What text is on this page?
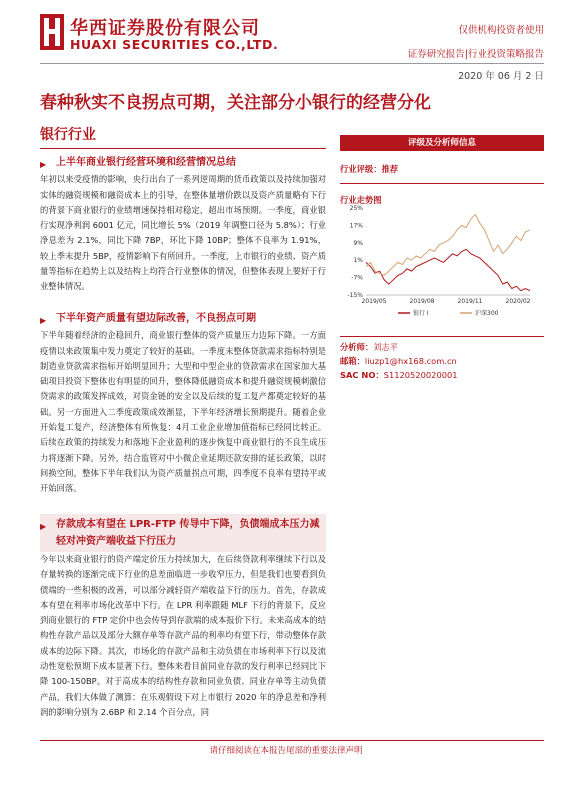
华西证券股份有限公司
HUAXI SECURITIES CO.,LTD.
仅供机构投资者使用
证券研究报告|行业投资策略报告
2020 年 06 月 2 日
春种秋实不良拐点可期，关注部分小银行的经营分化
银行行业
▶ 上半年商业银行经营环境和经营情况总结
年初以来受疫情的影响，央行出台了一系列逆周期的货币政策以及持续加强对实体的融资规模和融资成本上的引导，在整体量增价跌以及资产质量略有下行的背景下商业银行的业绩增速保持相对稳定，超出市场预期。一季度，商业银行实现净利润 6001 亿元，同比增长 5%（2019 年调整口径为 5.8%）；行业净息差为 2.1%，同比下降 7BP，环比下降 10BP；整体不良率为 1.91%，较上季末提升 5BP，疫情影响下有所回升。一季度，上市银行的业绩、资产质量等指标在趋势上以及结构上均符合行业整体的情况，但整体表现上要好于行业整体情况。
▶ 下半年资产质量有望边际改善，不良拐点可期
下半年随着经济的企稳回升，商业银行整体的资产质量压力边际下降。一方面疫情以来政策集中发力奠定了较好的基础。一季度末整体贷款需求指标特别是制造业贷款需求指标开始明显回升；大型和中型企业的贷款需求在国家加大基础项目投资下整体也有明显的回升，整体降低融资成本和提升融资规模刺激信贷需求的政策发挥成效，对资金链的安全以及后续的复工复产都奠定较好的基础。另一方面进入二季度政策成效渐显，下半年经济增长预期提升。随着企业开始复工复产，经济整体有所恢复：4月工业企业增加值指标已经同比转正。后续在政策的持续发力和落地下企业盈利的逐步恢复中商业银行的不良生成压力将逐渐下降。另外，结合监管对中小微企业延期还款安排的延长政策，以时间换空间，整体下半年我们认为资产质量拐点可期，四季度不良率有望持平或开始回落。
▶ 存款成本有望在 LPR-FTP 传导中下降，负债端成本压力减轻对冲资产端收益下行压力
今年以来商业银行的资产端定价压力持续加大，在后续贷款利率继续下行以及存量转换的逐渐完成下行业的息差面临进一步收窄压力，但是我们也要看到负债端的一些积极的改善，可以部分减轻资产端收益下行的压力。首先，存款成本有望在利率市场化改革中下行。在 LPR 利率跟随 MLF 下行的背景下，反应到商业银行的 FTP 定价中也会传导到存款端的成本报价下行。未来高成本的结构性存款产品以及部分大额存单等存款产品的利率均有望下行，带动整体存款成本的边际下降。其次，市场化的存款产品和主动负债在市场利率下行以及流动性宽松预期下成本显著下行。整体来看目前同业存款的发行利率已经同比下降 100-150BP。对于高成本的结构性存款和同业负债、同业存单等主动负债产品，我们大体做了测算：在乐观假设下对上市银行 2020 年的净息差和净利润的影响分别为 2.6BP 和 2.14 个百分点，同
评级及分析师信息
行业评级：推荐
行业走势图
25%
17%
9%
1%
-7%
-15%
2019/05	2019/08	2019/11	2020/02
银行 I	沪深300
分析师：刘志平
邮箱：liuzp1@hx168.com.cn
SAC NO：S1120520020001
请仔细阅读在本报告尾部的重要法律声明
